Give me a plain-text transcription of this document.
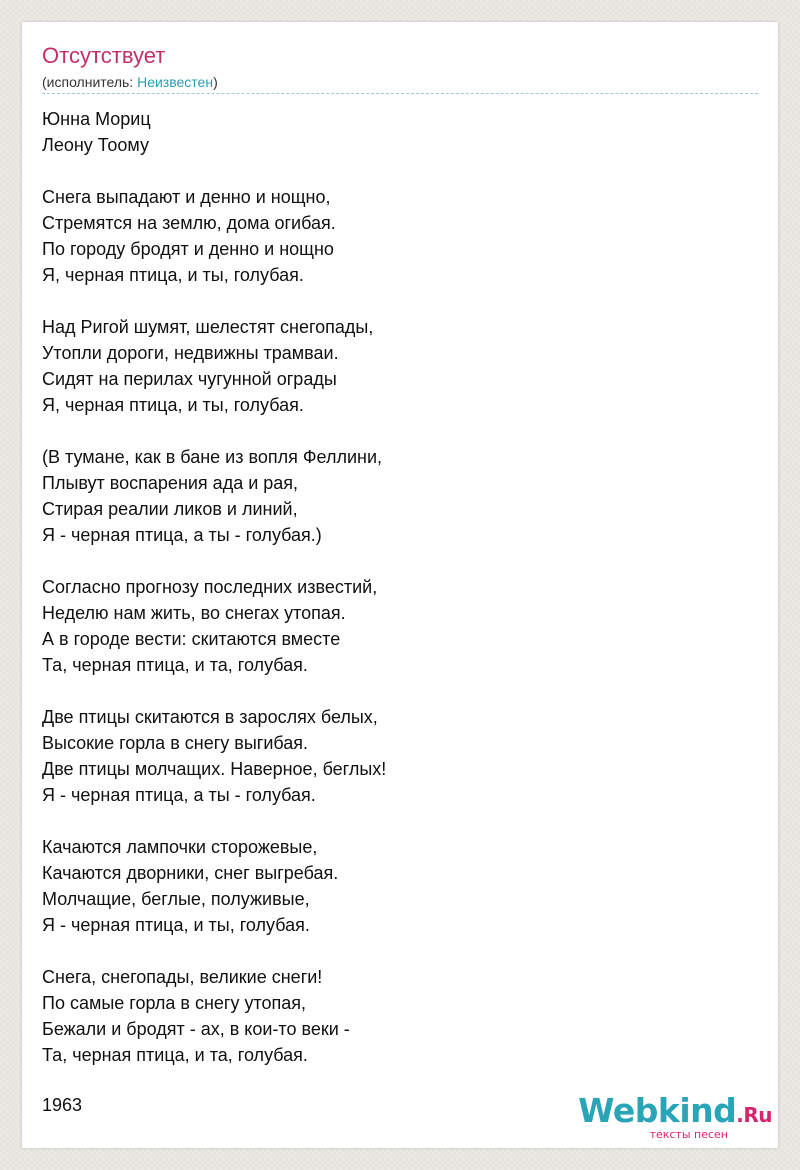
Отсутствует
(исполнитель: Неизвестен)
Юнна Мориц
Леону Тоому
Снега выпадают и денно и нощно,
Стремятся на землю, дома огибая.
По городу бродят и денно и нощно
Я, черная птица, и ты, голубая.
Над Ригой шумят, шелестят снегопады,
Утопли дороги, недвижны трамваи.
Сидят на перилах чугунной ограды
Я, черная птица, и ты, голубая.
(В тумане, как в бане из вопля Феллини,
Плывут воспарения ада и рая,
Стирая реалии ликов и линий,
Я - черная птица, а ты - голубая.)
Согласно прогнозу последних известий,
Неделю нам жить, во снегах утопая.
А в городе вести: скитаются вместе
Та, черная птица, и та, голубая.
Две птицы скитаются в зарослях белых,
Высокие горла в снегу выгибая.
Две птицы молчащих. Наверное, беглых!
Я - черная птица, а ты - голубая.
Качаются лампочки сторожевые,
Качаются дворники, снег выгребая.
Молчащие, беглые, полуживые,
Я - черная птица, и ты, голубая.
Снега, снегопады, великие снеги!
По самые горла в снегу утопая,
Бежали и бродят - ах, в кои-то веки -
Та, черная птица, и та, голубая.
1963	Webkind.Ru
тексты песен
